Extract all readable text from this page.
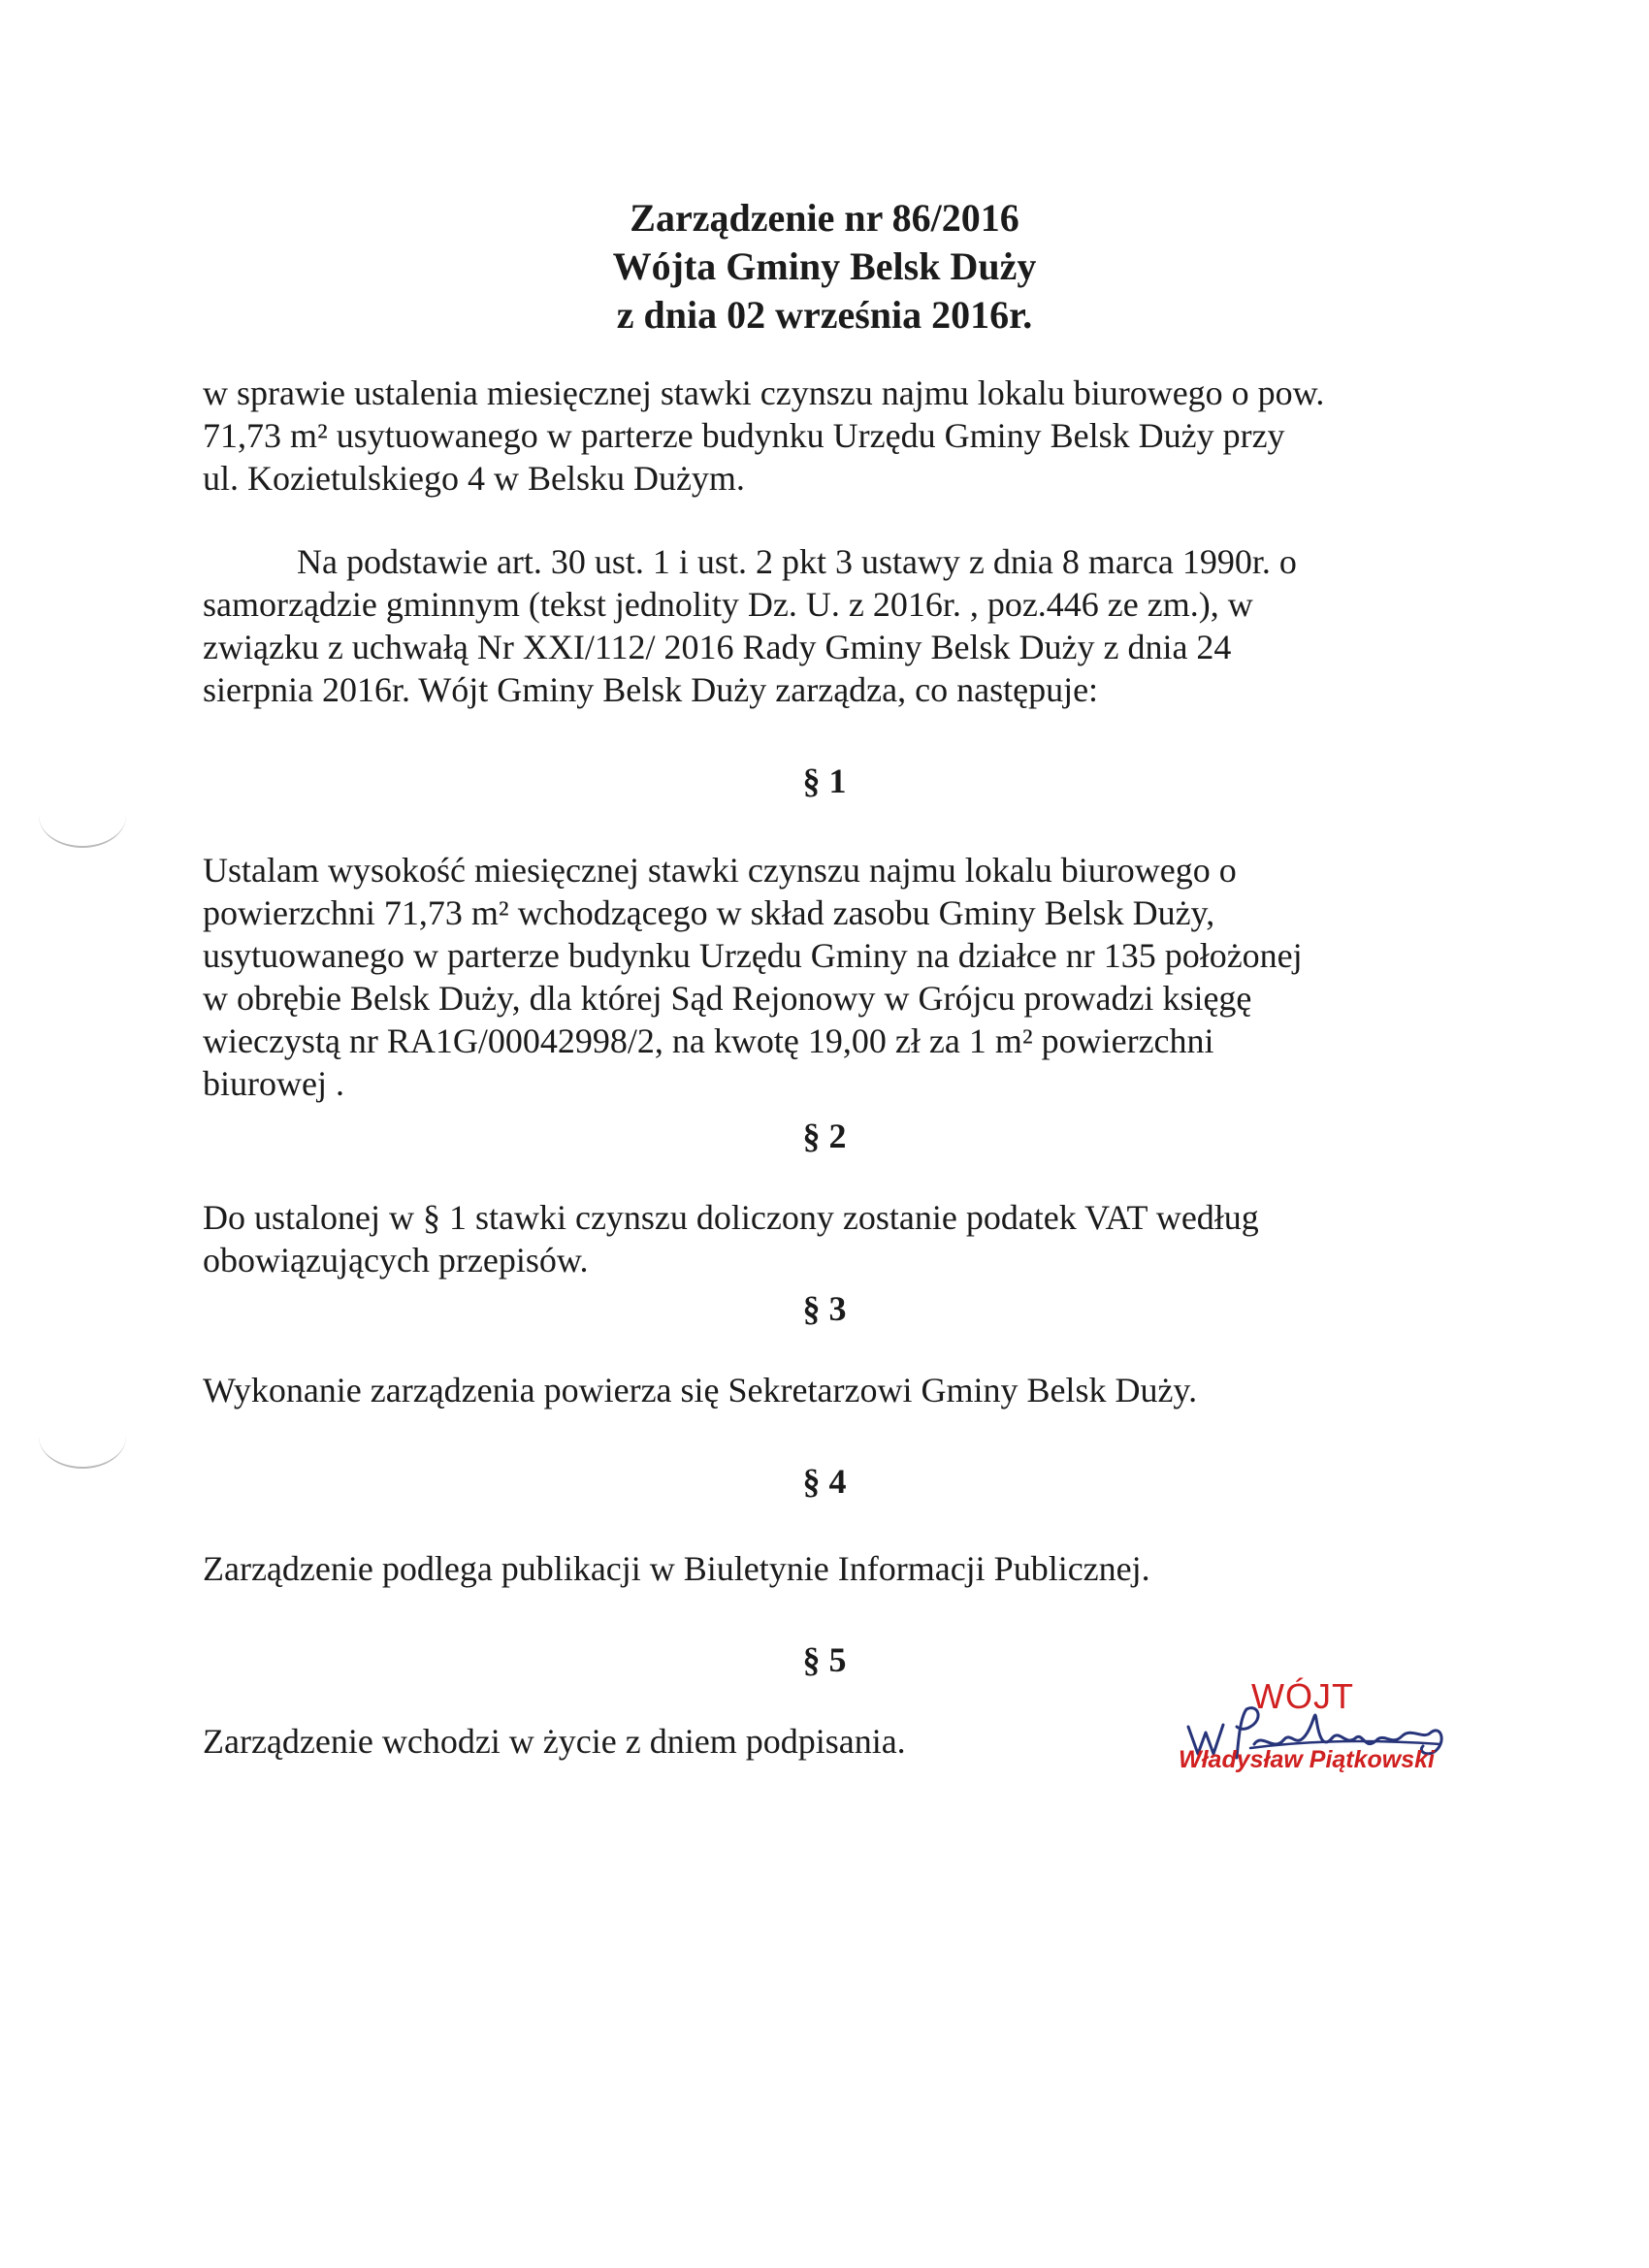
Zarządzenie nr 86/2016
Wójta Gminy Belsk Duży
z dnia 02 września 2016r.
w sprawie ustalenia miesięcznej stawki czynszu najmu lokalu biurowego o pow.
71,73 m² usytuowanego w parterze budynku Urzędu Gminy Belsk Duży przy
ul. Kozietulskiego 4 w Belsku Dużym.
Na podstawie art. 30 ust. 1 i ust. 2 pkt 3 ustawy z dnia 8 marca 1990r. o
samorządzie gminnym (tekst jednolity Dz. U. z 2016r. , poz.446 ze zm.), w
związku z uchwałą Nr XXI/112/ 2016 Rady Gminy Belsk Duży z dnia 24
sierpnia 2016r. Wójt Gminy Belsk Duży zarządza, co następuje:
§ 1
Ustalam wysokość miesięcznej stawki czynszu najmu lokalu biurowego o
powierzchni 71,73 m² wchodzącego w skład zasobu Gminy Belsk Duży,
usytuowanego w parterze budynku Urzędu Gminy na działce nr 135 położonej
w obrębie Belsk Duży, dla której Sąd Rejonowy w Grójcu prowadzi księgę
wieczystą nr RA1G/00042998/2, na kwotę 19,00 zł za 1 m² powierzchni
biurowej .
§ 2
Do ustalonej w § 1 stawki czynszu doliczony zostanie podatek VAT według
obowiązujących przepisów.
§ 3
Wykonanie zarządzenia powierza się Sekretarzowi Gminy Belsk Duży.
§ 4
Zarządzenie podlega publikacji w Biuletynie Informacji Publicznej.
§ 5
Zarządzenie wchodzi w życie z dniem podpisania.
WÓJT
Władysław Piątkowski
